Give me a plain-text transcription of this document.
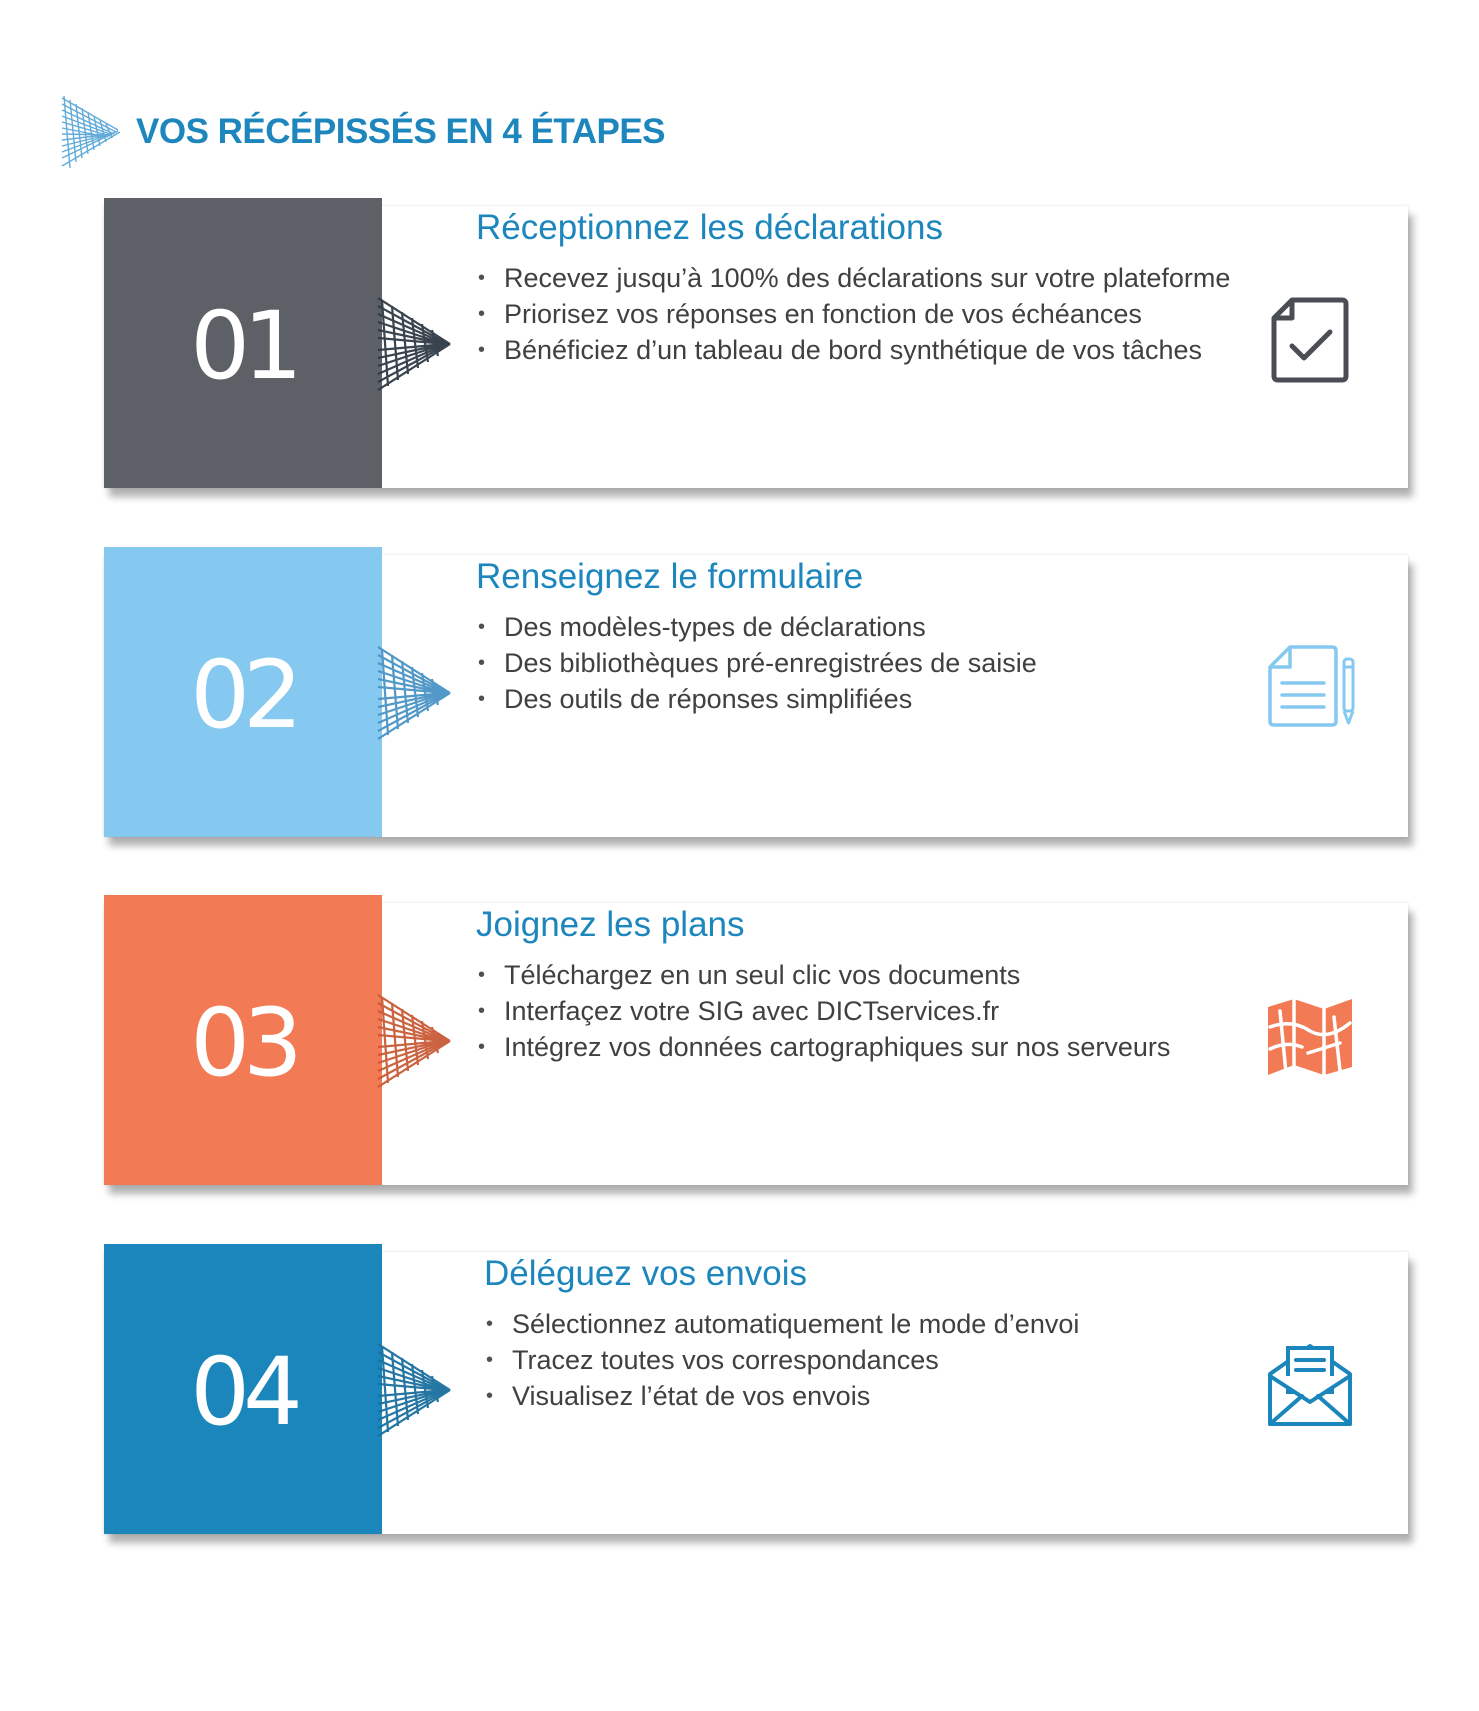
VOS RÉCÉPISSÉS EN 4 ÉTAPES
01
Réceptionnez les déclarations
• Recevez jusqu’à 100% des déclarations sur votre plateforme
• Priorisez vos réponses en fonction de vos échéances
• Bénéficiez d’un tableau de bord synthétique de vos tâches
02
Renseignez le formulaire
• Des modèles-types de déclarations
• Des bibliothèques pré-enregistrées de saisie
• Des outils de réponses simplifiées
03
Joignez les plans
• Téléchargez en un seul clic vos documents
• Interfaçez votre SIG avec DICTservices.fr
• Intégrez vos données cartographiques sur nos serveurs
04
Déléguez vos envois
• Sélectionnez automatiquement le mode d’envoi
• Tracez toutes vos correspondances
• Visualisez l’état de vos envois
